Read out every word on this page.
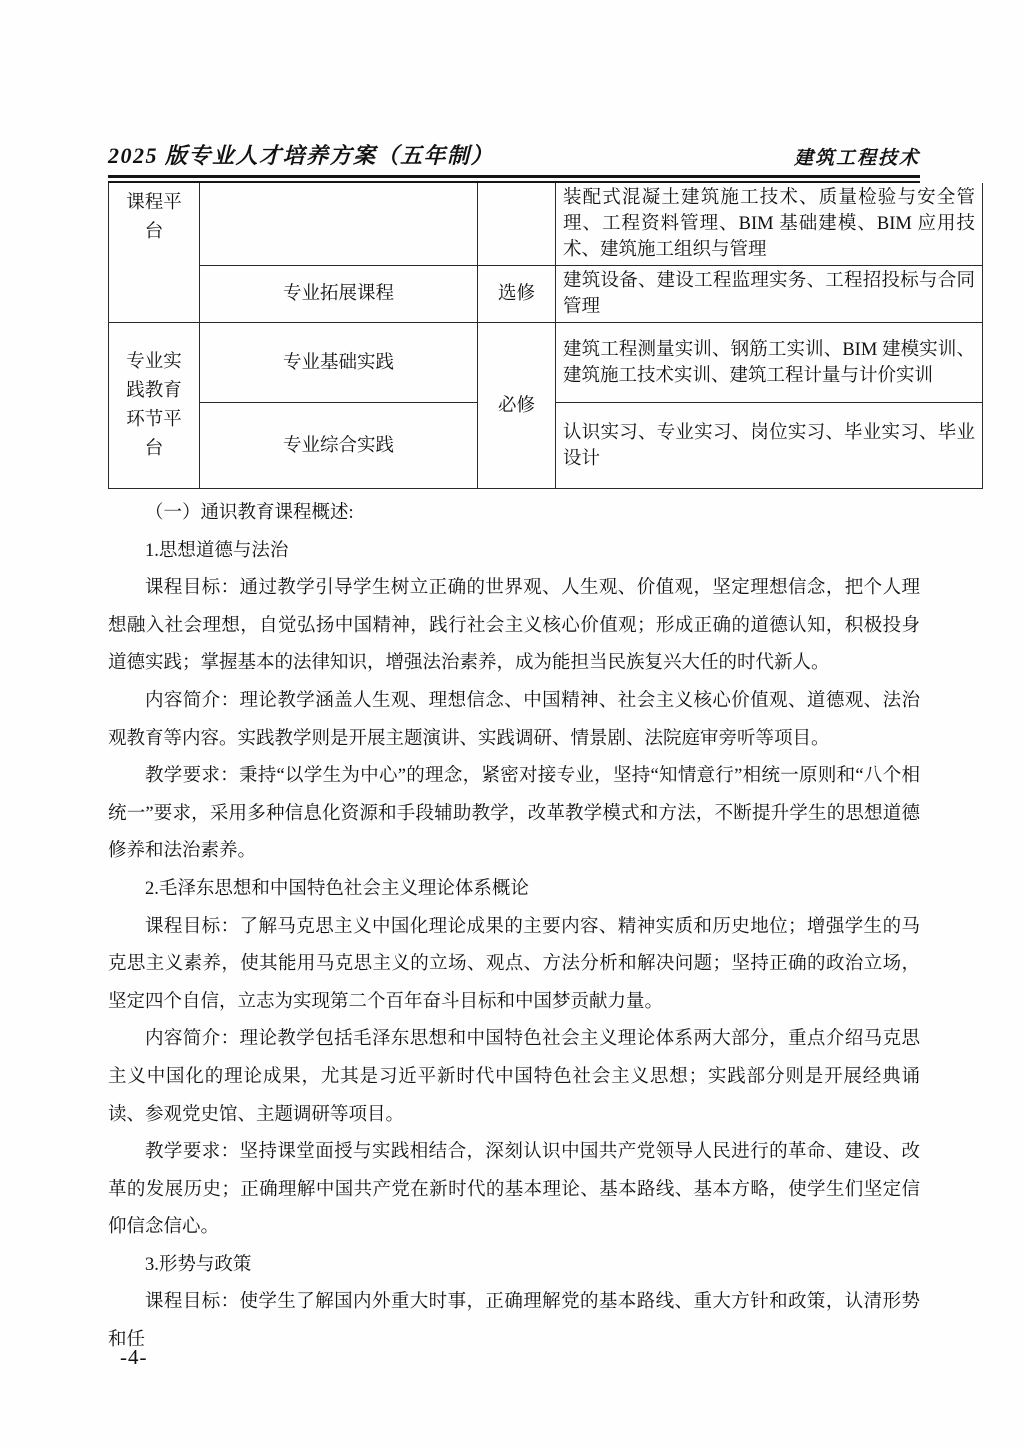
2025 版专业人才培养方案（五年制）	建筑工程技术
课程平台			装配式混凝土建筑施工技术、质量检验与安全管理、工程资料管理、BIM 基础建模、BIM 应用技术、建筑施工组织与管理
	专业拓展课程	选修	建筑设备、建设工程监理实务、工程招投标与合同管理
专业实践教育环节平台	专业基础实践	必修	建筑工程测量实训、钢筋工实训、BIM 建模实训、 建筑施工技术实训、建筑工程计量与计价实训
	专业综合实践		认识实习、专业实习、岗位实习、毕业实习、毕业设计

（一）通识教育课程概述:

1.思想道德与法治

课程目标：通过教学引导学生树立正确的世界观、人生观、价值观，坚定理想信念，把个人理想融入社会理想，自觉弘扬中国精神，践行社会主义核心价值观；形成正确的道德认知，积极投身道德实践；掌握基本的法律知识，增强法治素养，成为能担当民族复兴大任的时代新人。

内容简介：理论教学涵盖人生观、理想信念、中国精神、社会主义核心价值观、道德观、法治观教育等内容。实践教学则是开展主题演讲、实践调研、情景剧、法院庭审旁听等项目。

教学要求：秉持“以学生为中心”的理念，紧密对接专业，坚持“知情意行”相统一原则和“八个相统一”要求，采用多种信息化资源和手段辅助教学，改革教学模式和方法，不断提升学生的思想道德修养和法治素养。

2.毛泽东思想和中国特色社会主义理论体系概论

课程目标：了解马克思主义中国化理论成果的主要内容、精神实质和历史地位；增强学生的马克思主义素养，使其能用马克思主义的立场、观点、方法分析和解决问题；坚持正确的政治立场，坚定四个自信，立志为实现第二个百年奋斗目标和中国梦贡献力量。

内容简介：理论教学包括毛泽东思想和中国特色社会主义理论体系两大部分，重点介绍马克思主义中国化的理论成果，尤其是习近平新时代中国特色社会主义思想；实践部分则是开展经典诵读、参观党史馆、主题调研等项目。

教学要求：坚持课堂面授与实践相结合，深刻认识中国共产党领导人民进行的革命、建设、改革的发展历史；正确理解中国共产党在新时代的基本理论、基本路线、基本方略，使学生们坚定信仰信念信心。

3.形势与政策

课程目标：使学生了解国内外重大时事，正确理解党的基本路线、重大方针和政策，认清形势和任

-4-
